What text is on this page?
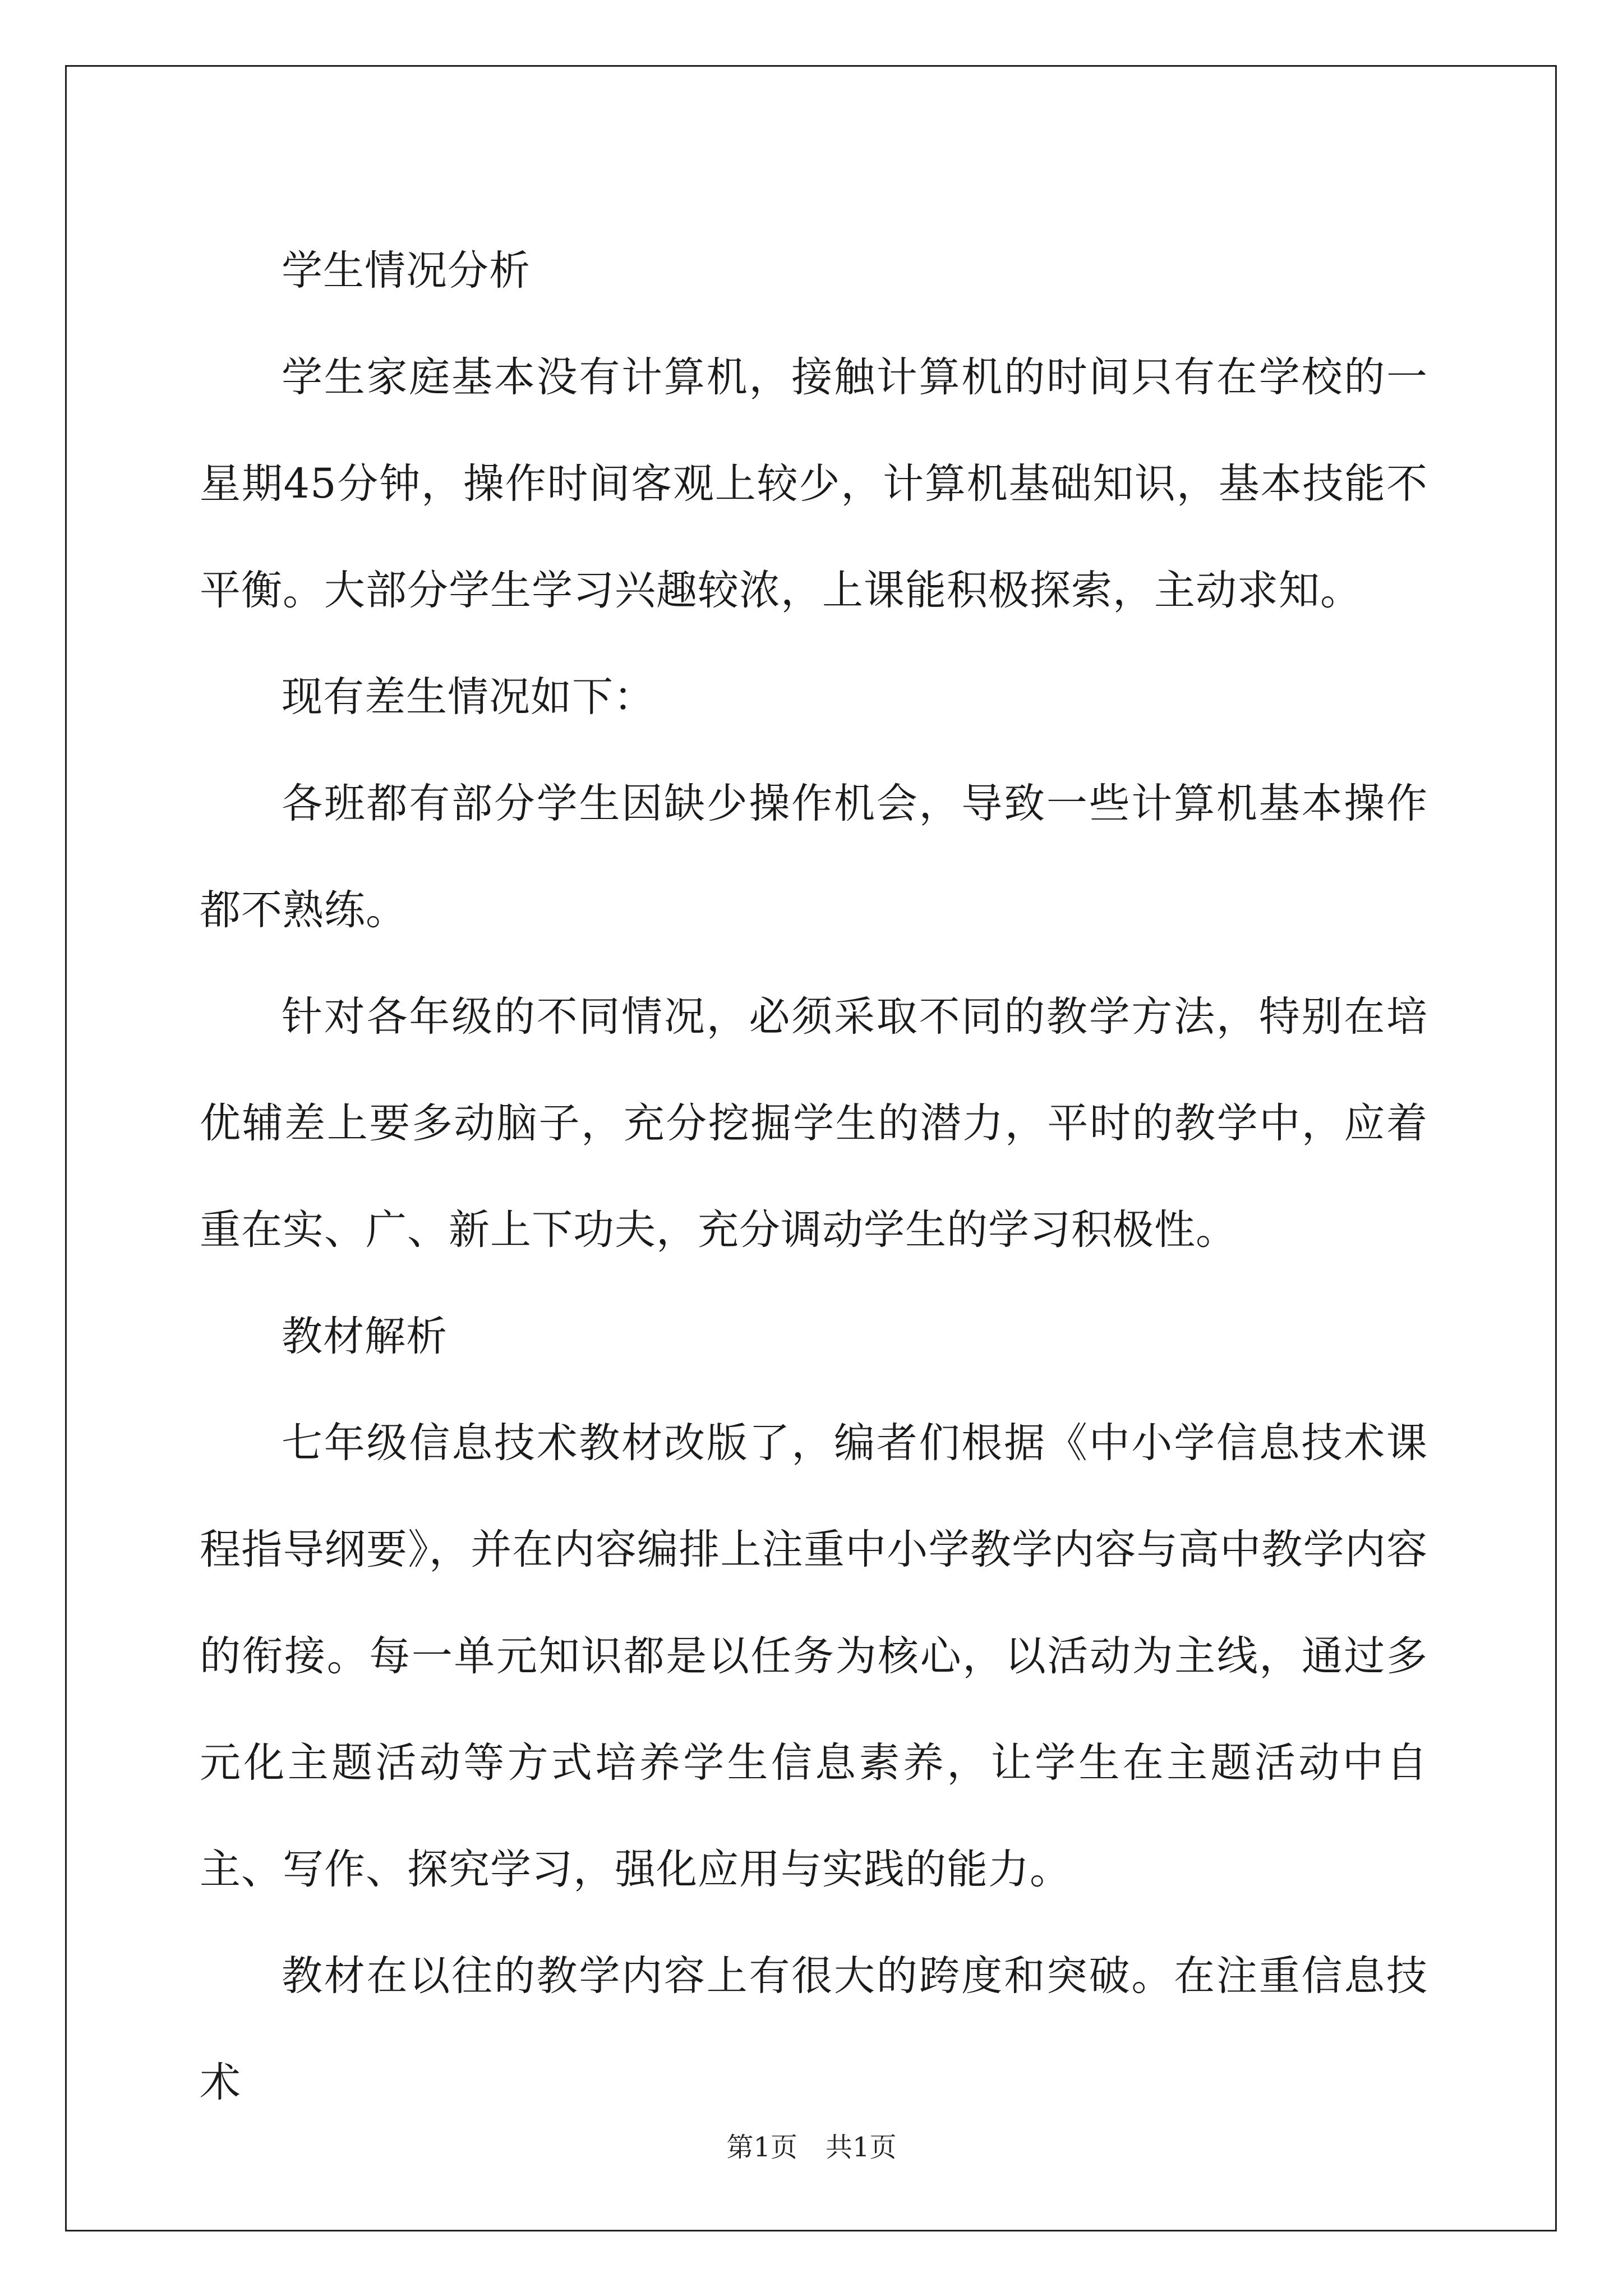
学生情况分析

学生家庭基本没有计算机，接触计算机的时间只有在学校的一星期45分钟，操作时间客观上较少，计算机基础知识，基本技能不平衡。大部分学生学习兴趣较浓，上课能积极探索，主动求知。

现有差生情况如下：

各班都有部分学生因缺少操作机会，导致一些计算机基本操作都不熟练。

针对各年级的不同情况，必须采取不同的教学方法，特别在培优辅差上要多动脑子，充分挖掘学生的潜力，平时的教学中，应着重在实、广、新上下功夫，充分调动学生的学习积极性。

教材解析

七年级信息技术教材改版了，编者们根据《中小学信息技术课程指导纲要》，并在内容编排上注重中小学教学内容与高中教学内容的衔接。每一单元知识都是以任务为核心，以活动为主线，通过多元化主题活动等方式培养学生信息素养，让学生在主题活动中自主、写作、探究学习，强化应用与实践的能力。

教材在以往的教学内容上有很大的跨度和突破。在注重信息技术

第1页 共1页
